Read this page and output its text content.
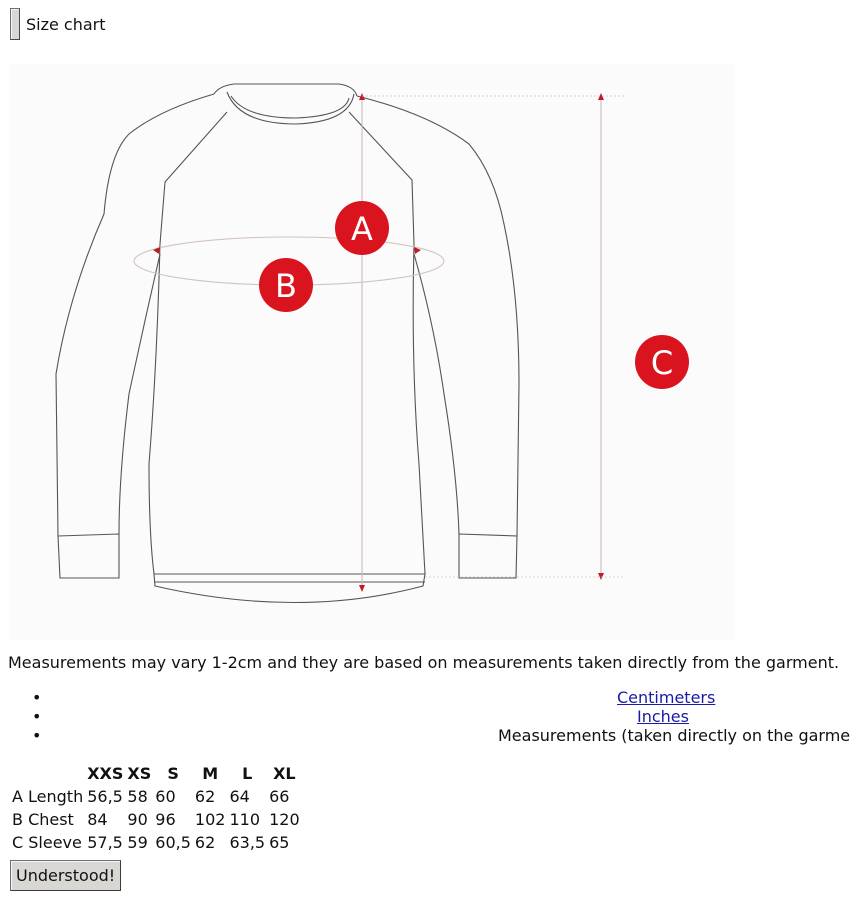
Size chart
A
B
C
Measurements may vary 1-2cm and they are based on measurements taken directly from the garment.
•	Centimeters
•	Inches
•	Measurements (taken directly on the garme
	XXS	XS	S	M	L	XL
A Length	56,5	58	60	62	64	66
B Chest	84	90	96	102	110	120
C Sleeve	57,5	59	60,5	62	63,5	65
Understood!
